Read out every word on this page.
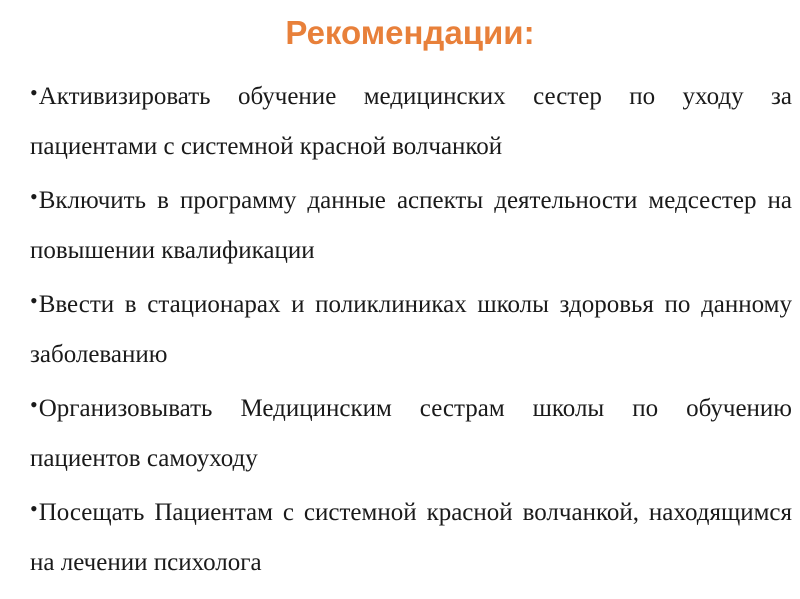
Рекомендации:
•Активизировать обучение медицинских сестер по уходу за пациентами с системной красной волчанкой
•Включить в программу данные аспекты деятельности медсестер на повышении квалификации
•Ввести в стационарах и поликлиниках школы здоровья по данному заболеванию
•Организовывать Медицинским сестрам школы по обучению пациентов самоуходу
•Посещать Пациентам с системной красной волчанкой, находящимся на лечении психолога
